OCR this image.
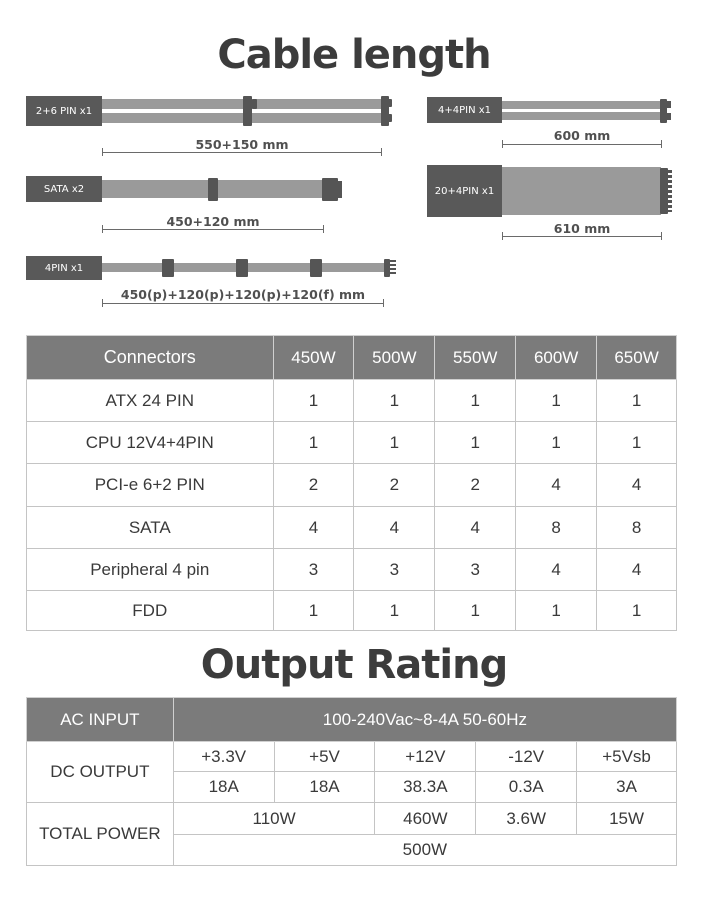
Cable length
2+6 PIN x1
550+150 mm
SATA x2
450+120 mm
4PIN x1
450(p)+120(p)+120(p)+120(f) mm
4+4PIN x1
600 mm
20+4PIN x1
610 mm
Connectors	450W	500W	550W	600W	650W
ATX 24 PIN	1	1	1	1	1
CPU 12V4+4PIN	1	1	1	1	1
PCI-e 6+2 PIN	2	2	2	4	4
SATA	4	4	4	8	8
Peripheral 4 pin	3	3	3	4	4
FDD	1	1	1	1	1
Output Rating
AC INPUT	100-240Vac~8-4A 50-60Hz				
DC OUTPUT	+3.3V	+5V	+12V	-12V	+5Vsb
	18A	18A	38.3A	0.3A	3A
TOTAL POWER	110W		460W	3.6W	15W
	500W				
